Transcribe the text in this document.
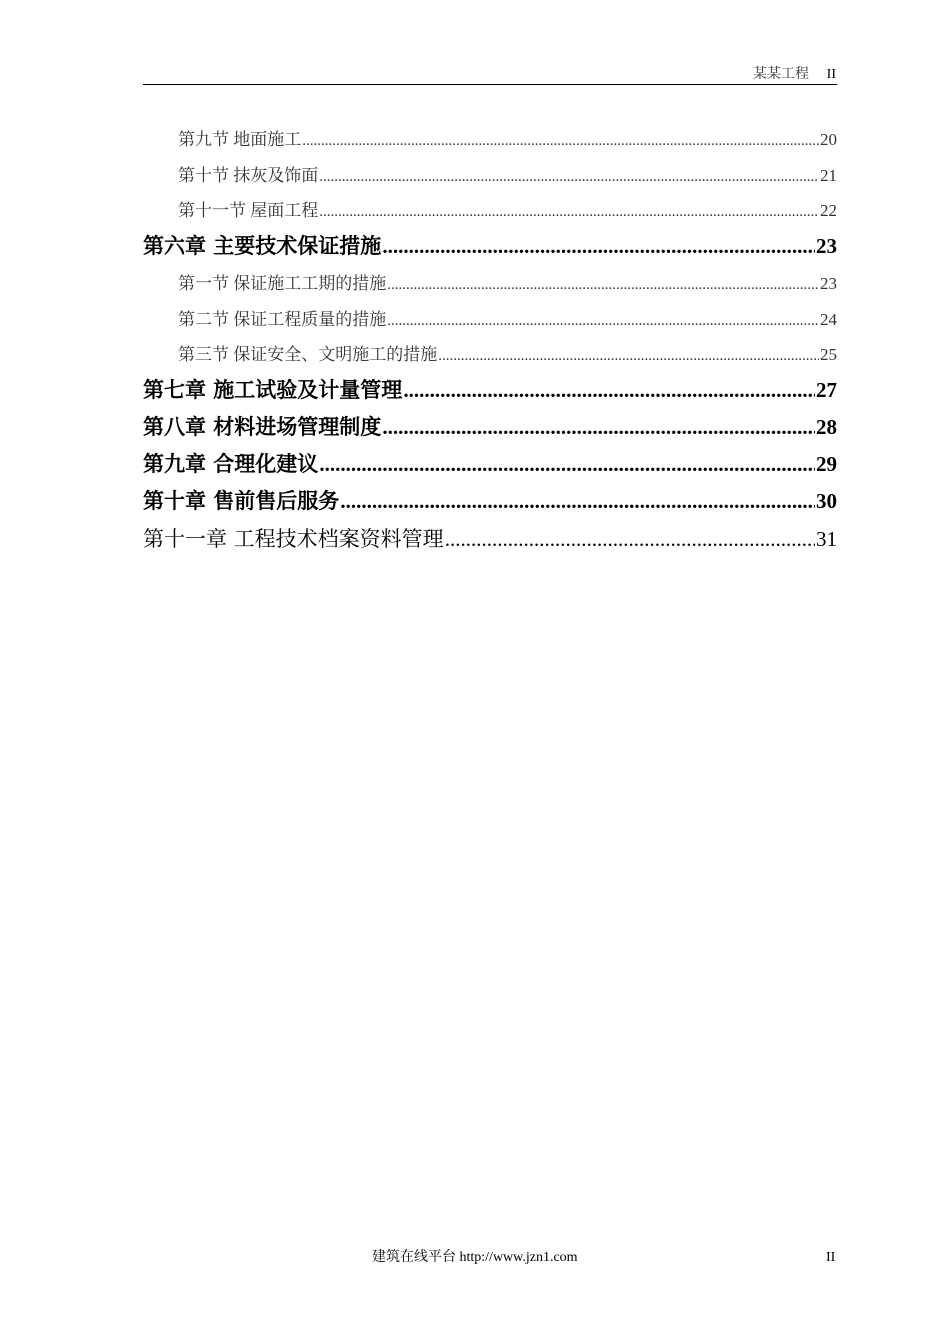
某某工程 II
第九节 地面施工 .....	20
第十节 抹灰及饰面 .....	21
第十一节 屋面工程 .....	22
第六章 主要技术保证措施 .....	23
第一节 保证施工工期的措施 .....	23
第二节 保证工程质量的措施 .....	24
第三节 保证安全、文明施工的措施 .....	25
第七章 施工试验及计量管理 .....	27
第八章 材料进场管理制度 .....	28
第九章 合理化建议 .....	29
第十章 售前售后服务 .....	30
第十一章 工程技术档案资料管理 .....	31
建筑在线平台 http://www.jzn1.com	II
